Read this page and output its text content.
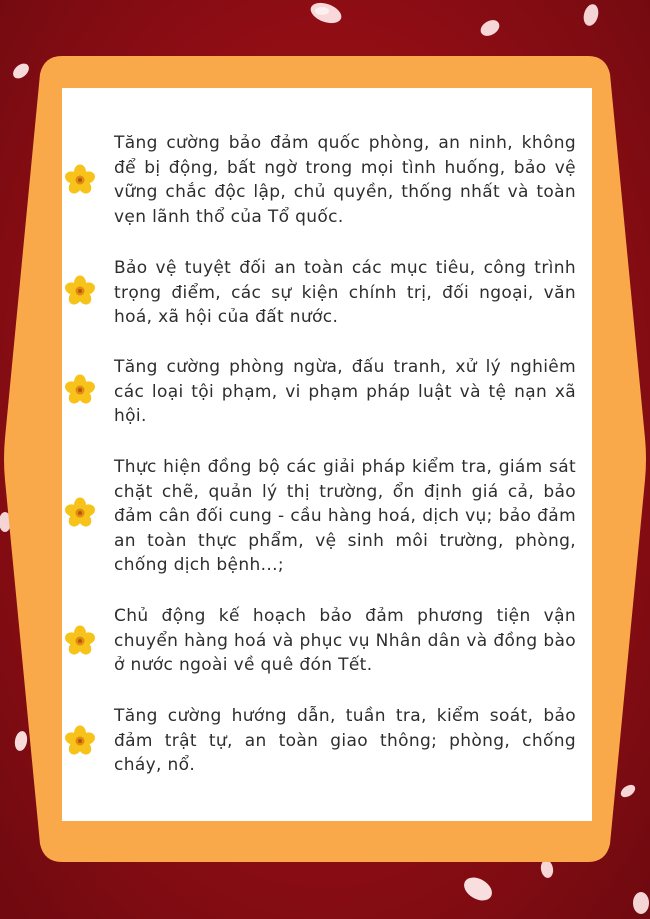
Tăng cường bảo đảm quốc phòng, an ninh, không để bị động, bất ngờ trong mọi tình huống, bảo vệ vững chắc độc lập, chủ quyền, thống nhất và toàn vẹn lãnh thổ của Tổ quốc.
Bảo vệ tuyệt đối an toàn các mục tiêu, công trình trọng điểm, các sự kiện chính trị, đối ngoại, văn hoá, xã hội của đất nước.
Tăng cường phòng ngừa, đấu tranh, xử lý nghiêm các loại tội phạm, vi phạm pháp luật và tệ nạn xã hội.
Thực hiện đồng bộ các giải pháp kiểm tra, giám sát chặt chẽ, quản lý thị trường, ổn định giá cả, bảo đảm cân đối cung - cầu hàng hoá, dịch vụ; bảo đảm an toàn thực phẩm, vệ sinh môi trường, phòng, chống dịch bệnh...;
Chủ động kế hoạch bảo đảm phương tiện vận chuyển hàng hoá và phục vụ Nhân dân và đồng bào ở nước ngoài về quê đón Tết.
Tăng cường hướng dẫn, tuần tra, kiểm soát, bảo đảm trật tự, an toàn giao thông; phòng, chống cháy, nổ.
